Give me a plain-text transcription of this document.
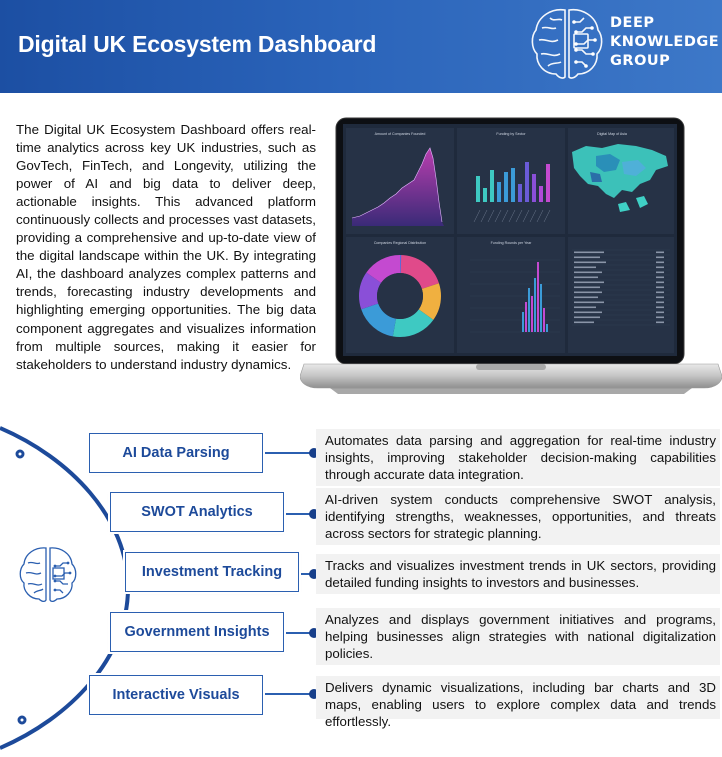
Digital UK Ecosystem Dashboard
DEEP
KNOWLEDGE
GROUP

The Digital UK Ecosystem Dashboard offers real-time analytics across key UK industries, such as GovTech, FinTech, and Longevity, utilizing the power of AI and big data to deliver deep, actionable insights. This advanced platform continuously collects and processes vast datasets, providing a comprehensive and up-to-date view of the digital landscape within the UK. By integrating AI, the dashboard analyzes complex patterns and trends, forecasting industry developments and highlighting emerging opportunities. The big data component aggregates and visualizes information from multiple sources, making it easier for stakeholders to understand industry dynamics.

Amount of Companies Founded	Funding by Sector	Digital Map of Asia
Companies Regional Distribution	Funding Rounds per Year
AI Data Parsing
Automates data parsing and aggregation for real-time industry insights, improving stakeholder decision-making capabilities through accurate data integration.
SWOT Analytics
AI-driven system conducts comprehensive SWOT analysis, identifying strengths, weaknesses, opportunities, and threats across sectors for strategic planning.
Investment Tracking	Tracks and visualizes investment trends in UK sectors, providing detailed funding insights to investors and businesses.
Government Insights
Analyzes and displays government initiatives and programs, helping businesses align strategies with national digitalization policies.
Interactive Visuals	Delivers dynamic visualizations, including bar charts and 3D maps, enabling users to explore complex data and trends effortlessly.
